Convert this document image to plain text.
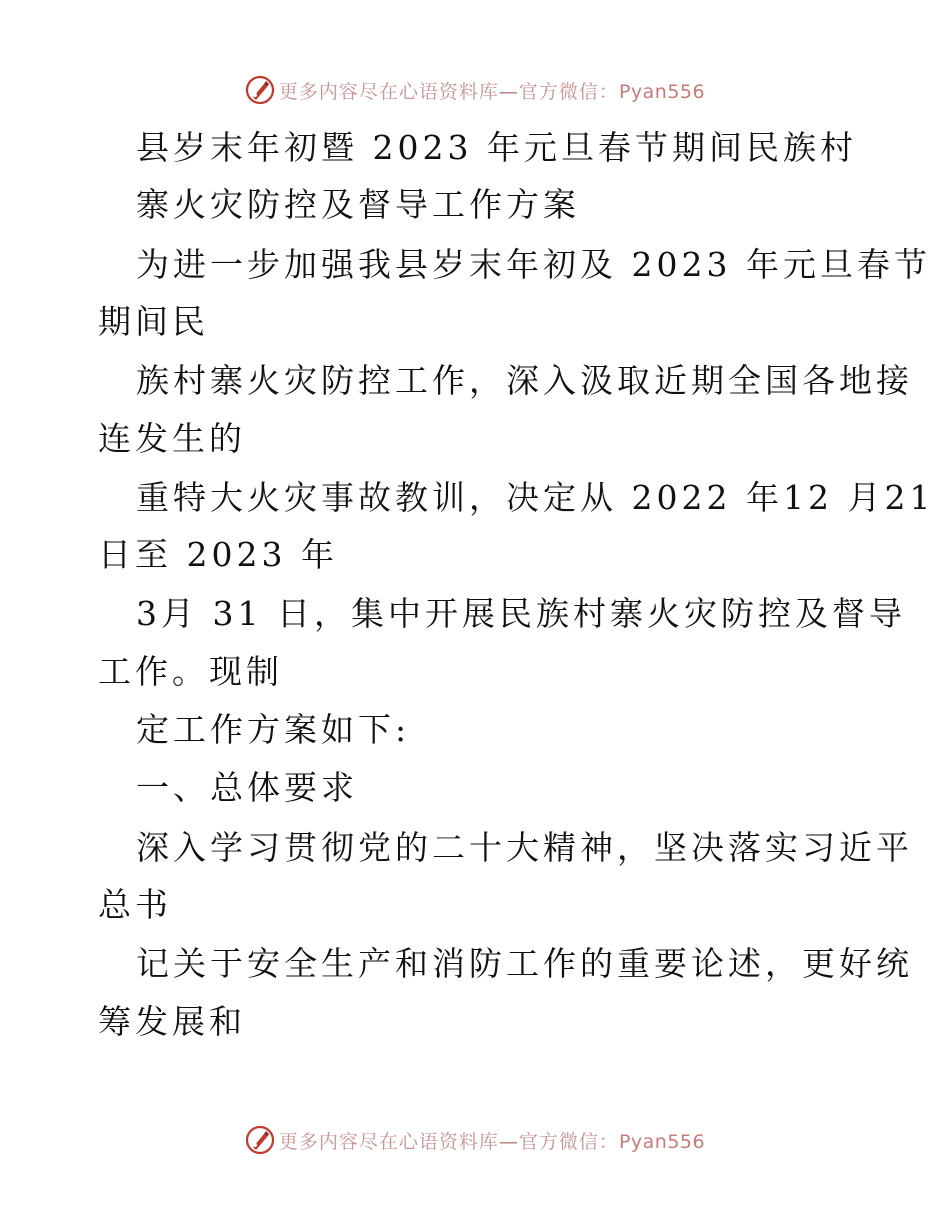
更多内容尽在心语资料库—官方微信：Pyan556
县岁末年初暨 2023 年元旦春节期间民族村
寨火灾防控及督导工作方案
为进一步加强我县岁末年初及 2023 年元旦春节
期间民
族村寨火灾防控工作，深入汲取近期全国各地接
连发生的
重特大火灾事故教训，决定从 2022 年12 月21
日至 2023 年
3月 31 日，集中开展民族村寨火灾防控及督导
工作。现制
定工作方案如下:
一、总体要求
深入学习贯彻党的二十大精神，坚决落实习近平
总书
记关于安全生产和消防工作的重要论述，更好统
筹发展和
更多内容尽在心语资料库—官方微信：Pyan556
